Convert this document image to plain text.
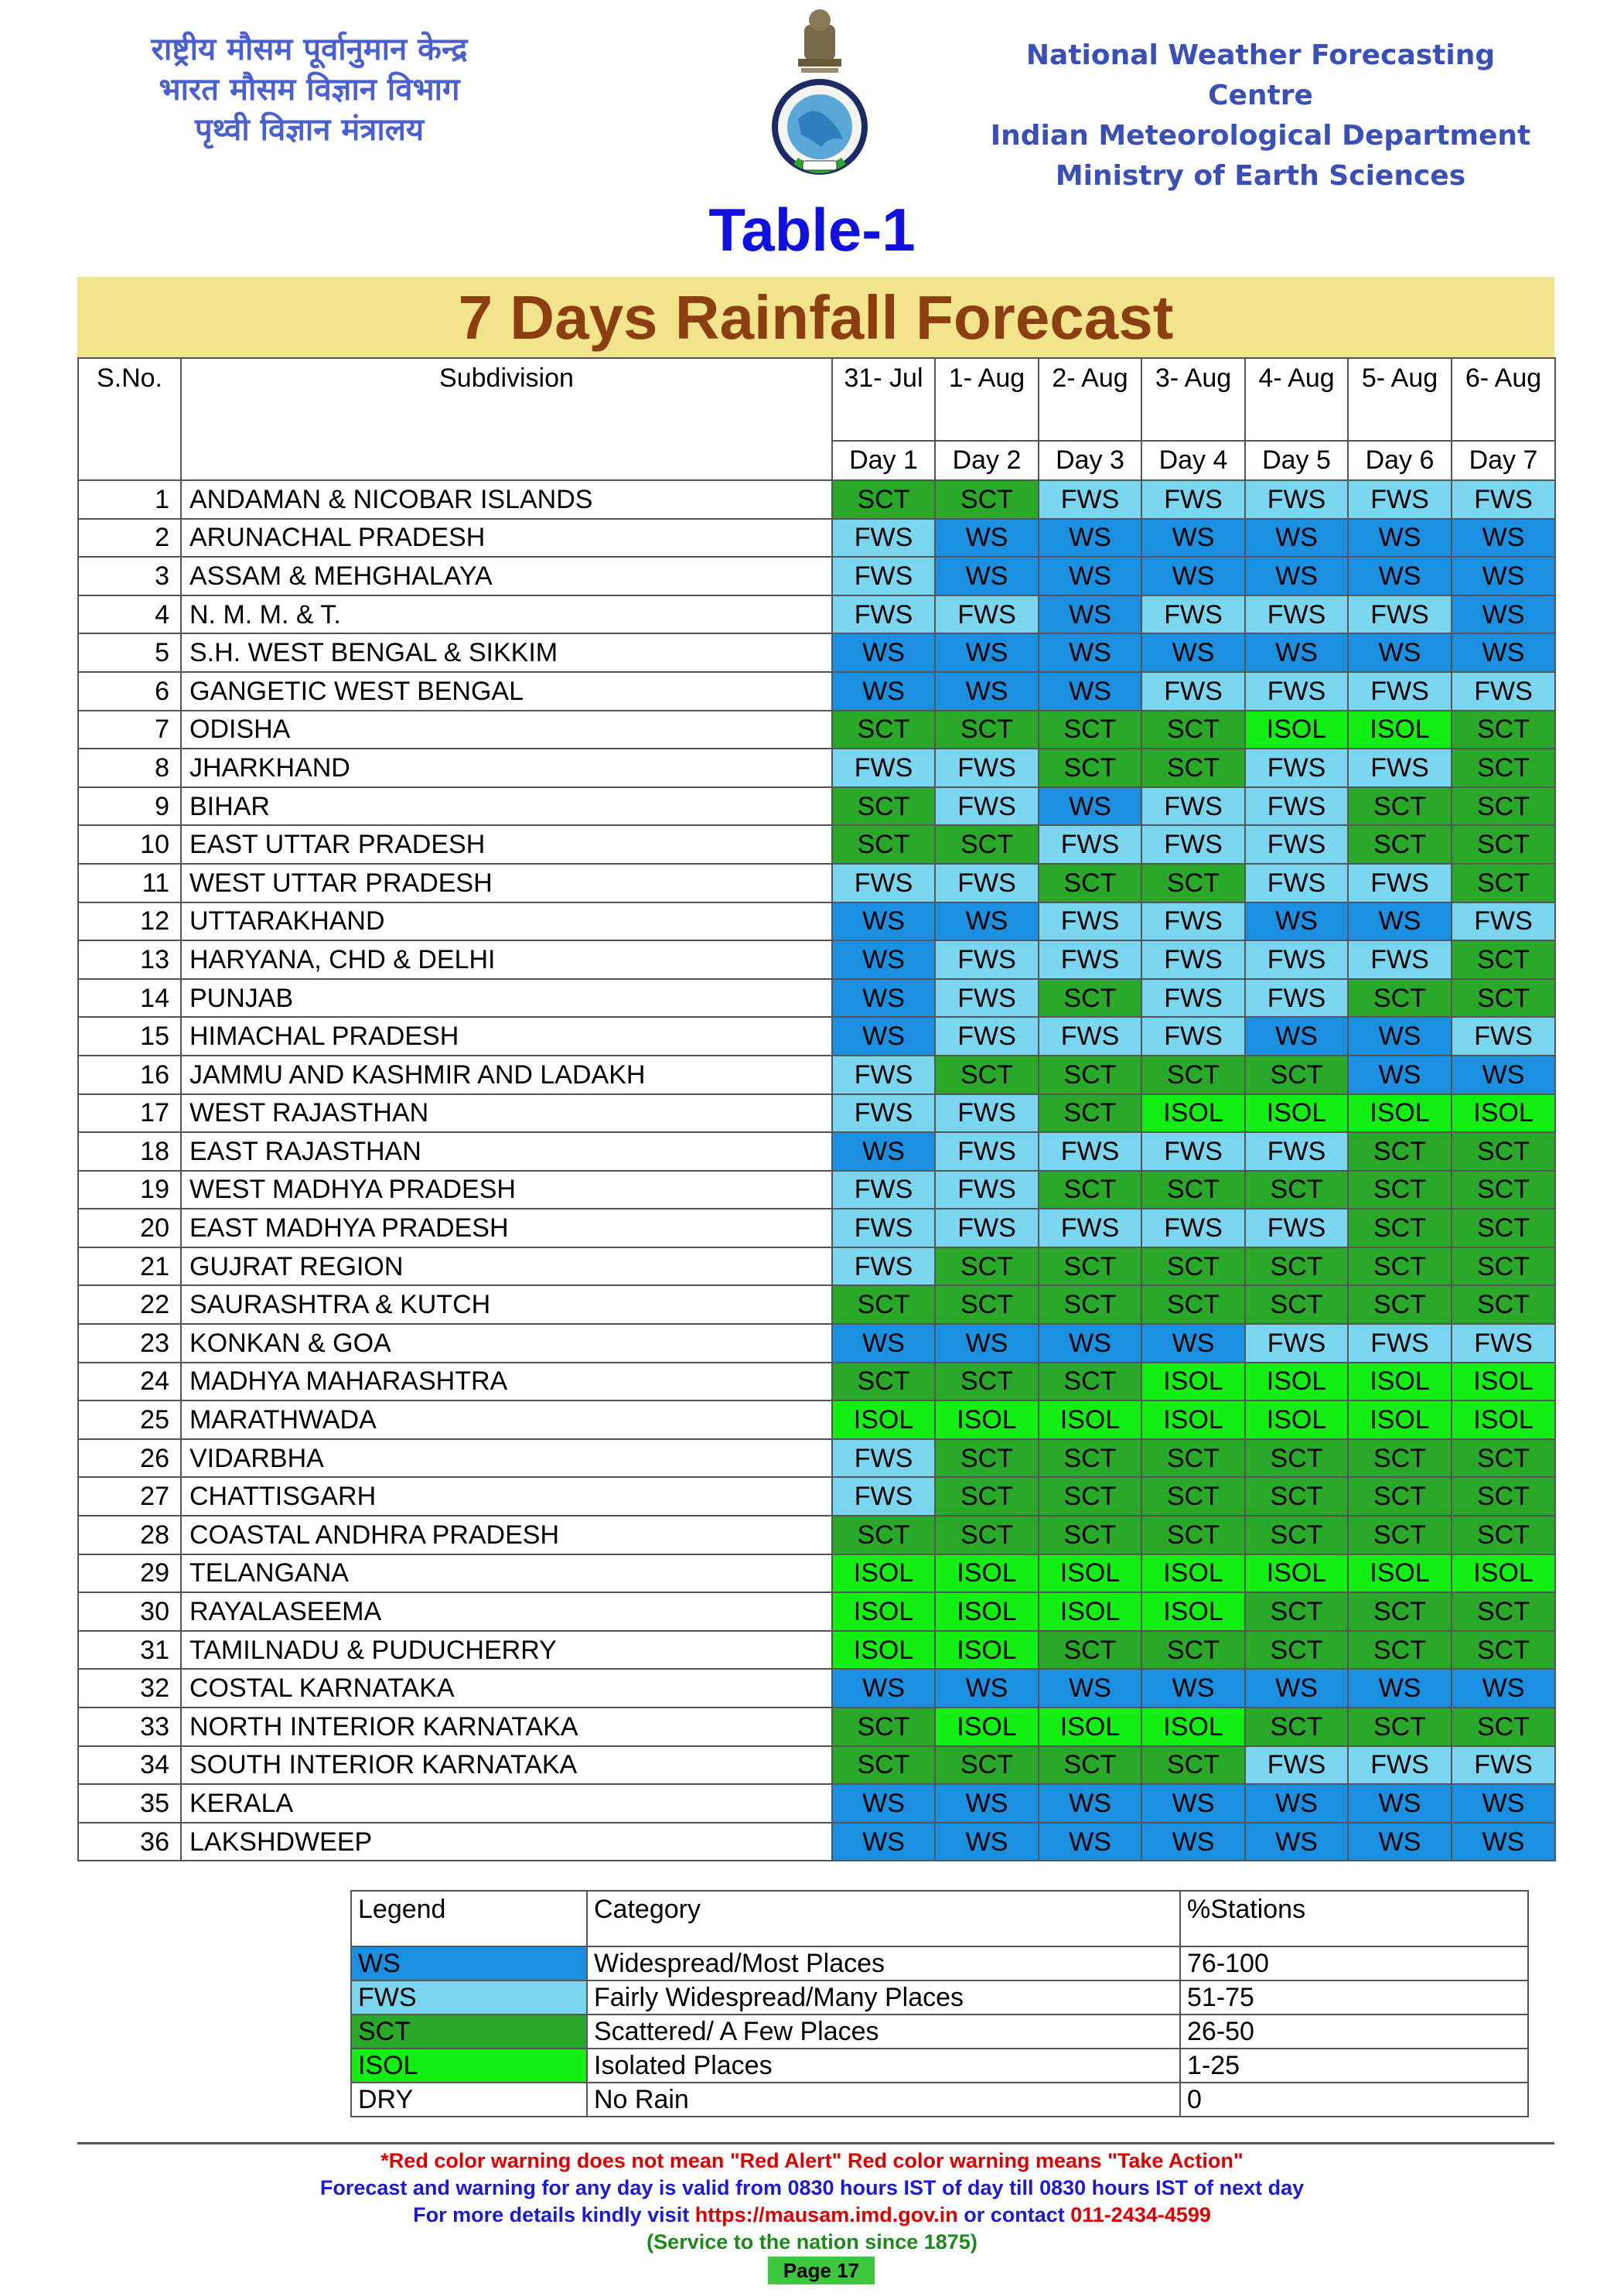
राष्ट्रीय मौसम पूर्वानुमान केन्द्र
भारत मौसम विज्ञान विभाग
पृथ्वी विज्ञान मंत्रालय
National Weather Forecasting Centre
Indian Meteorological Department
Ministry of Earth Sciences
Table-1
7 Days Rainfall Forecast
S.No.	Subdivision	31- Jul	1- Aug	2- Aug	3- Aug	4- Aug	5- Aug	6- Aug
		Day 1	Day 2	Day 3	Day 4	Day 5	Day 6	Day 7
1	ANDAMAN & NICOBAR ISLANDS	SCT	SCT	FWS	FWS	FWS	FWS	FWS
2	ARUNACHAL PRADESH	FWS	WS	WS	WS	WS	WS	WS
3	ASSAM & MEHGHALAYA	FWS	WS	WS	WS	WS	WS	WS
4	N. M. M. & T.	FWS	FWS	WS	FWS	FWS	FWS	WS
5	S.H. WEST BENGAL & SIKKIM	WS	WS	WS	WS	WS	WS	WS
6	GANGETIC WEST BENGAL	WS	WS	WS	FWS	FWS	FWS	FWS
7	ODISHA	SCT	SCT	SCT	SCT	ISOL	ISOL	SCT
8	JHARKHAND	FWS	FWS	SCT	SCT	FWS	FWS	SCT
9	BIHAR	SCT	FWS	WS	FWS	FWS	SCT	SCT
10	EAST UTTAR PRADESH	SCT	SCT	FWS	FWS	FWS	SCT	SCT
11	WEST UTTAR PRADESH	FWS	FWS	SCT	SCT	FWS	FWS	SCT
12	UTTARAKHAND	WS	WS	FWS	FWS	WS	WS	FWS
13	HARYANA, CHD & DELHI	WS	FWS	FWS	FWS	FWS	FWS	SCT
14	PUNJAB	WS	FWS	SCT	FWS	FWS	SCT	SCT
15	HIMACHAL PRADESH	WS	FWS	FWS	FWS	WS	WS	FWS
16	JAMMU AND KASHMIR AND LADAKH	FWS	SCT	SCT	SCT	SCT	WS	WS
17	WEST RAJASTHAN	FWS	FWS	SCT	ISOL	ISOL	ISOL	ISOL
18	EAST RAJASTHAN	WS	FWS	FWS	FWS	FWS	SCT	SCT
19	WEST MADHYA PRADESH	FWS	FWS	SCT	SCT	SCT	SCT	SCT
20	EAST MADHYA PRADESH	FWS	FWS	FWS	FWS	FWS	SCT	SCT
21	GUJRAT REGION	FWS	SCT	SCT	SCT	SCT	SCT	SCT
22	SAURASHTRA & KUTCH	SCT	SCT	SCT	SCT	SCT	SCT	SCT
23	KONKAN & GOA	WS	WS	WS	WS	FWS	FWS	FWS
24	MADHYA MAHARASHTRA	SCT	SCT	SCT	ISOL	ISOL	ISOL	ISOL
25	MARATHWADA	ISOL	ISOL	ISOL	ISOL	ISOL	ISOL	ISOL
26	VIDARBHA	FWS	SCT	SCT	SCT	SCT	SCT	SCT
27	CHATTISGARH	FWS	SCT	SCT	SCT	SCT	SCT	SCT
28	COASTAL ANDHRA PRADESH	SCT	SCT	SCT	SCT	SCT	SCT	SCT
29	TELANGANA	ISOL	ISOL	ISOL	ISOL	ISOL	ISOL	ISOL
30	RAYALASEEMA	ISOL	ISOL	ISOL	ISOL	SCT	SCT	SCT
31	TAMILNADU & PUDUCHERRY	ISOL	ISOL	SCT	SCT	SCT	SCT	SCT
32	COSTAL KARNATAKA	WS	WS	WS	WS	WS	WS	WS
33	NORTH INTERIOR KARNATAKA	SCT	ISOL	ISOL	ISOL	SCT	SCT	SCT
34	SOUTH INTERIOR KARNATAKA	SCT	SCT	SCT	SCT	FWS	FWS	FWS
35	KERALA	WS	WS	WS	WS	WS	WS	WS
36	LAKSHDWEEP	WS	WS	WS	WS	WS	WS	WS
Legend	Category	%Stations
WS	Widespread/Most Places	76-100
FWS	Fairly Widespread/Many Places	51-75
SCT	Scattered/ A Few Places	26-50
ISOL	Isolated Places	1-25
DRY	No Rain	0
*Red color warning does not mean "Red Alert" Red color warning means "Take Action"
Forecast and warning for any day is valid from 0830 hours IST of day till 0830 hours IST of next day
For more details kindly visit https://mausam.imd.gov.in or contact 011-2434-4599
(Service to the nation since 1875)
Page 17
